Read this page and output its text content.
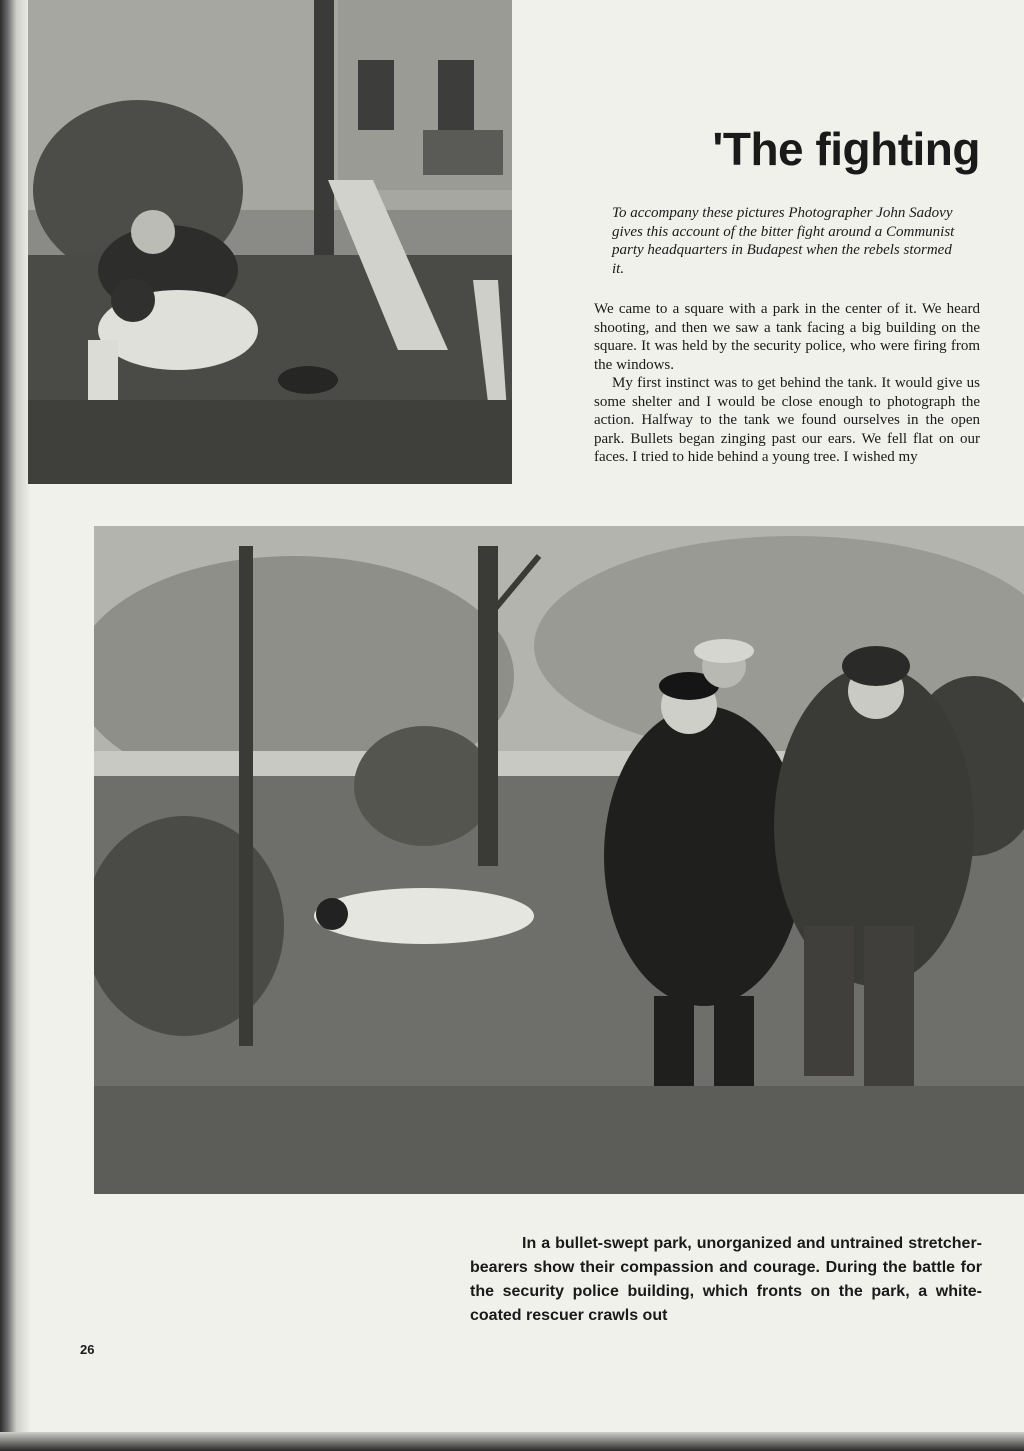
'The fighting
To accompany these pictures Photographer John Sadovy gives this account of the bitter fight around a Communist party headquarters in Budapest when the rebels stormed it.

We came to a square with a park in the center of it. We heard shooting, and then we saw a tank facing a big building on the square. It was held by the security police, who were firing from the windows.

My first instinct was to get behind the tank. It would give us some shelter and I would be close enough to photograph the action. Halfway to the tank we found ourselves in the open park. Bullets began zinging past our ears. We fell flat on our faces. I tried to hide behind a young tree. I wished my

In a bullet-swept park, unorganized and untrained stretcher-bearers show their compassion and courage. During the battle for the security police building, which fronts on the park, a white-coated rescuer crawls out

26
